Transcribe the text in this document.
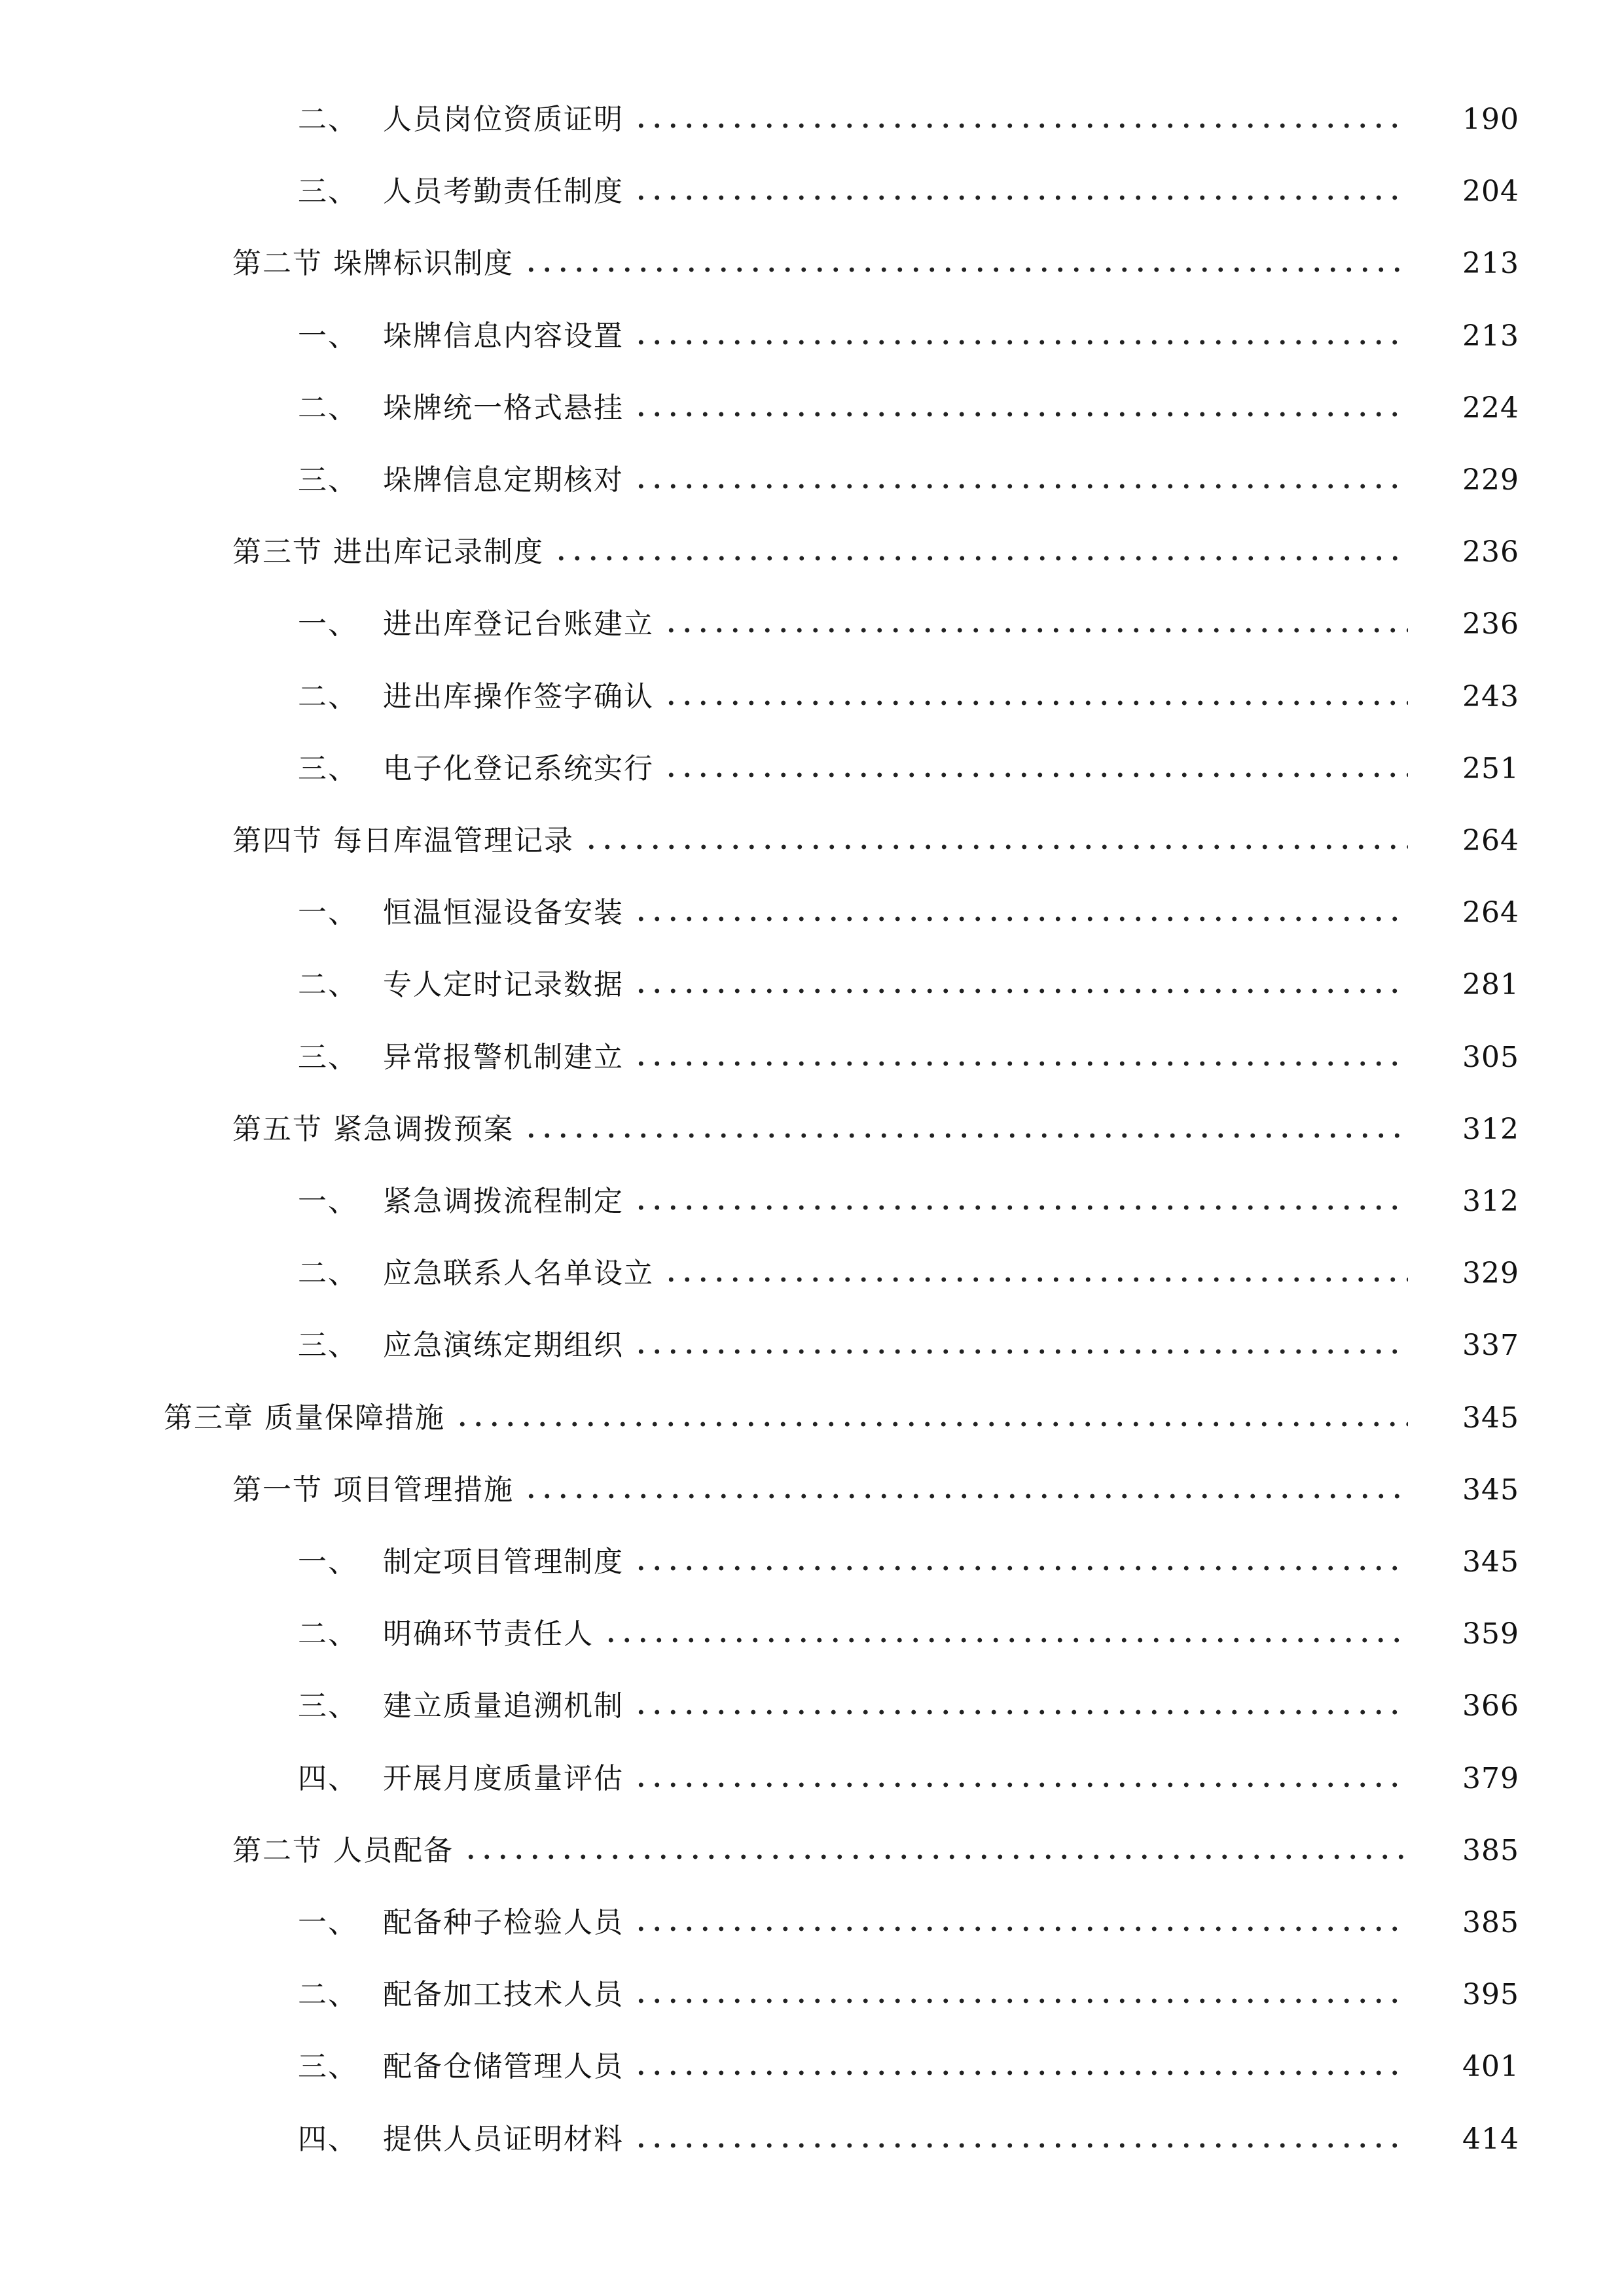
二、 人员岗位资质证明	190
三、 人员考勤责任制度	204
第二节 垛牌标识制度	213
一、 垛牌信息内容设置	213
二、 垛牌统一格式悬挂	224
三、 垛牌信息定期核对	229
第三节 进出库记录制度	236
一、 进出库登记台账建立	236
二、 进出库操作签字确认	243
三、 电子化登记系统实行	251
第四节 每日库温管理记录	264
一、 恒温恒湿设备安装	264
二、 专人定时记录数据	281
三、 异常报警机制建立	305
第五节 紧急调拨预案	312
一、 紧急调拨流程制定	312
二、 应急联系人名单设立	329
三、 应急演练定期组织	337
第三章 质量保障措施	345
第一节 项目管理措施	345
一、 制定项目管理制度	345
二、 明确环节责任人	359
三、 建立质量追溯机制	366
四、 开展月度质量评估	379
第二节 人员配备	385
一、 配备种子检验人员	385
二、 配备加工技术人员	395
三、 配备仓储管理人员	401
四、 提供人员证明材料	414
